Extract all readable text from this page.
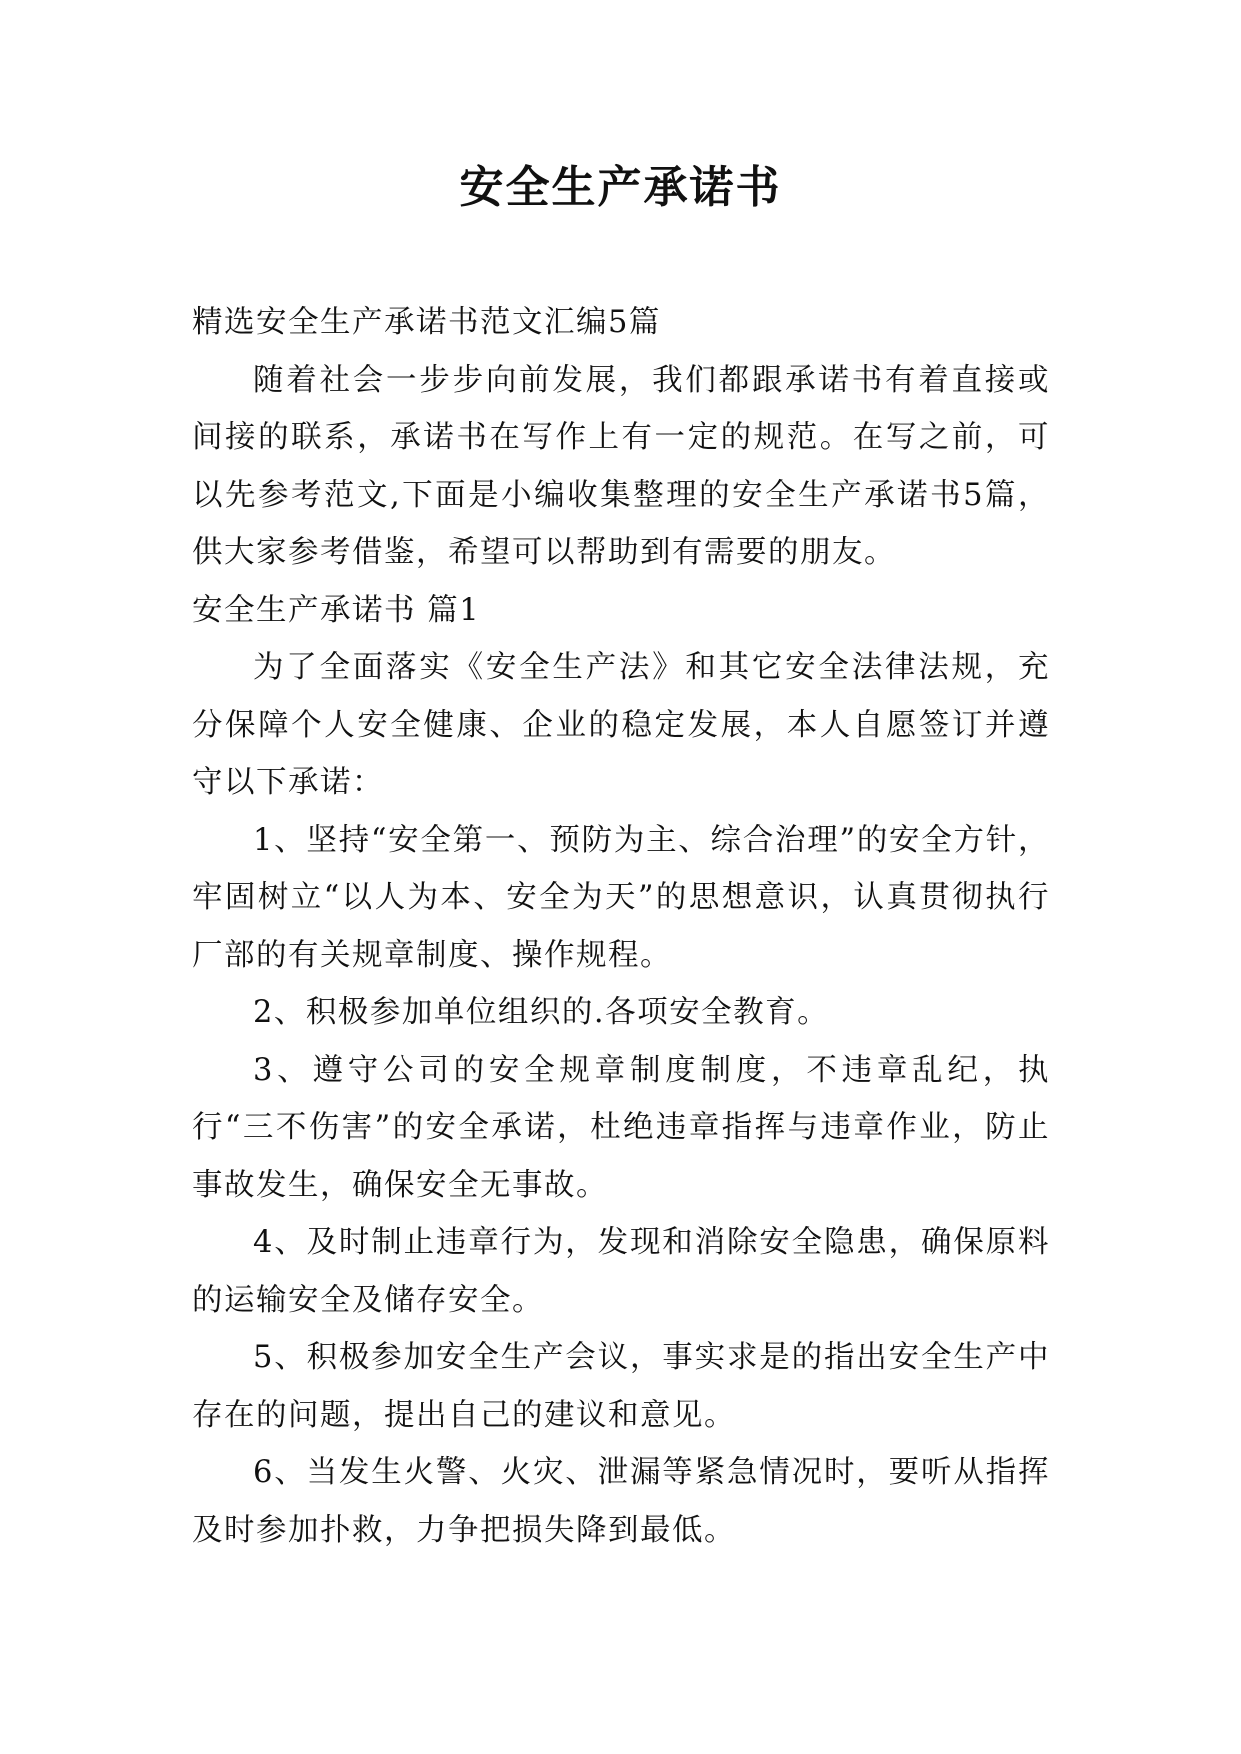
安全生产承诺书

精选安全生产承诺书范文汇编5篇

随着社会一步步向前发展，我们都跟承诺书有着直接或间接的联系，承诺书在写作上有一定的规范。在写之前，可以先参考范文,下面是小编收集整理的安全生产承诺书5篇，供大家参考借鉴，希望可以帮助到有需要的朋友。

安全生产承诺书 篇1

为了全面落实《安全生产法》和其它安全法律法规，充分保障个人安全健康、企业的稳定发展，本人自愿签订并遵守以下承诺：

1、坚持“安全第一、预防为主、综合治理”的安全方针，牢固树立“以人为本、安全为天”的思想意识，认真贯彻执行厂部的有关规章制度、操作规程。

2、积极参加单位组织的.各项安全教育。

3、遵守公司的安全规章制度制度，不违章乱纪，执行“三不伤害”的安全承诺，杜绝违章指挥与违章作业，防止事故发生，确保安全无事故。

4、及时制止违章行为，发现和消除安全隐患，确保原料的运输安全及储存安全。

5、积极参加安全生产会议，事实求是的指出安全生产中存在的问题，提出自己的建议和意见。

6、当发生火警、火灾、泄漏等紧急情况时，要听从指挥及时参加扑救，力争把损失降到最低。
